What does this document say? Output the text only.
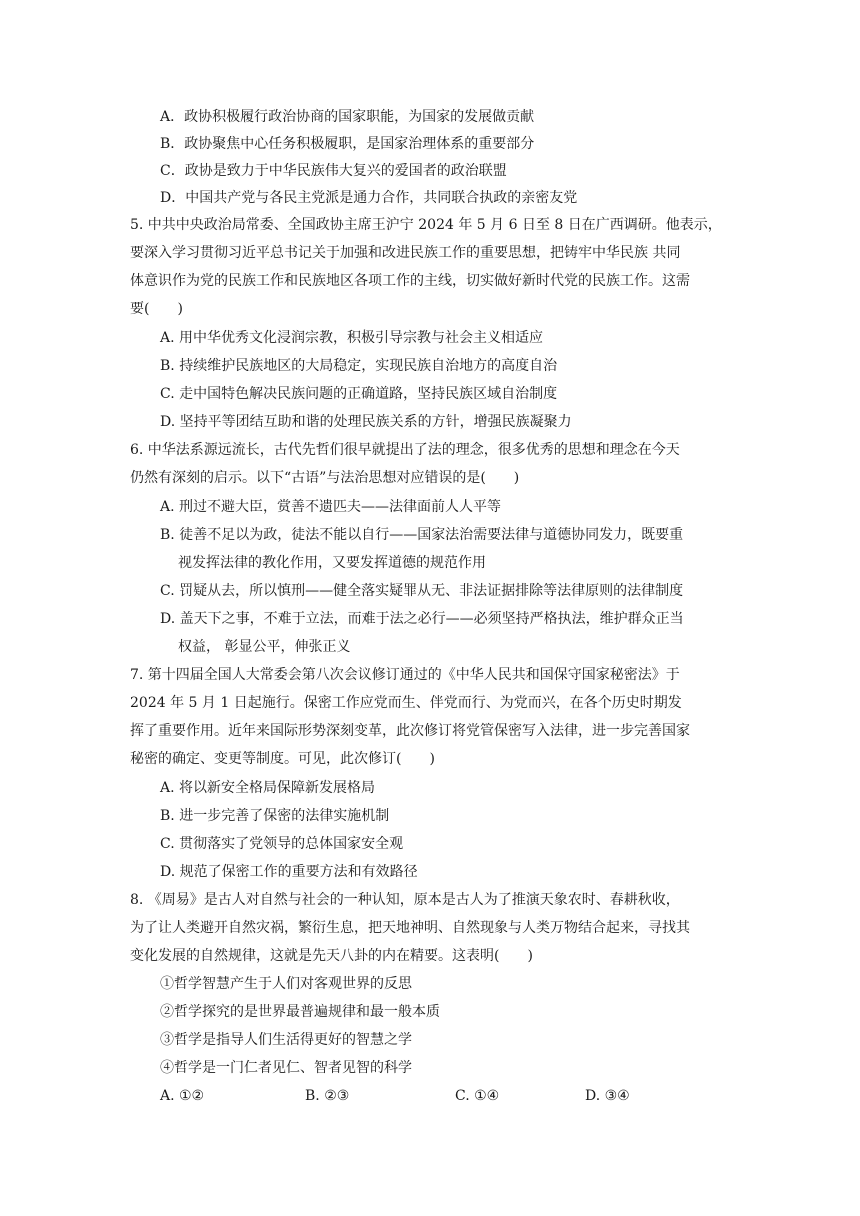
A．政协积极履行政治协商的国家职能，为国家的发展做贡献
B．政协聚焦中心任务积极履职，是国家治理体系的重要部分
C．政协是致力于中华民族伟大复兴的爱国者的政治联盟
D．中国共产党与各民主党派是通力合作，共同联合执政的亲密友党
5. 中共中央政治局常委、全国政协主席王沪宁 2024 年 5 月 6 日至 8 日在广西调研。他表示，
要深入学习贯彻习近平总书记关于加强和改进民族工作的重要思想，把铸牢中华民族 共同
体意识作为党的民族工作和民族地区各项工作的主线，切实做好新时代党的民族工作。这需
要(　　)
A. 用中华优秀文化浸润宗教，积极引导宗教与社会主义相适应
B. 持续维护民族地区的大局稳定，实现民族自治地方的高度自治
C. 走中国特色解决民族问题的正确道路，坚持民族区域自治制度
D. 坚持平等团结互助和谐的处理民族关系的方针，增强民族凝聚力
6. 中华法系源远流长，古代先哲们很早就提出了法的理念，很多优秀的思想和理念在今天
仍然有深刻的启示。以下“古语”与法治思想对应错误的是(　　)
A. 刑过不避大臣，赏善不遗匹夫——法律面前人人平等
B. 徒善不足以为政，徒法不能以自行——国家法治需要法律与道德协同发力，既要重
视发挥法律的教化作用，又要发挥道德的规范作用
C. 罚疑从去，所以慎刑——健全落实疑罪从无、非法证据排除等法律原则的法律制度
D. 盖天下之事，不难于立法，而难于法之必行——必须坚持严格执法，维护群众正当
权益， 彰显公平，伸张正义
7. 第十四届全国人大常委会第八次会议修订通过的《中华人民共和国保守国家秘密法》于
2024 年 5 月 1 日起施行。保密工作应党而生、伴党而行、为党而兴，在各个历史时期发
挥了重要作用。近年来国际形势深刻变革，此次修订将党管保密写入法律，进一步完善国家
秘密的确定、变更等制度。可见，此次修订(　　)
A. 将以新安全格局保障新发展格局
B. 进一步完善了保密的法律实施机制
C. 贯彻落实了党领导的总体国家安全观
D. 规范了保密工作的重要方法和有效路径
8. 《周易》是古人对自然与社会的一种认知，原本是古人为了推演天象农时、春耕秋收，
为了让人类避开自然灾祸，繁衍生息，把天地神明、自然现象与人类万物结合起来，寻找其
变化发展的自然规律，这就是先天八卦的内在精要。这表明(　　)
①哲学智慧产生于人们对客观世界的反思
②哲学探究的是世界最普遍规律和最一般本质
③哲学是指导人们生活得更好的智慧之学
④哲学是一门仁者见仁、智者见智的科学
A. ①②	B. ②③	C. ①④	D. ③④
